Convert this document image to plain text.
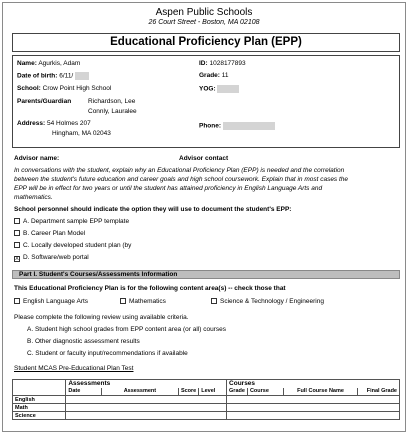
Aspen Public Schools
26 Court Street - Boston, MA 02108
Educational Proficiency Plan (EPP)
Name: Agurkis, Adam	ID: 1028177893
Date of birth: 6/11/	Grade: 11
School: Crow Point High School	YOG:
Parents/Guardian	Richardson, Lee
Connly, Lauralee
Address: 54 Holmes 207
Hingham, MA 02043
Phone:
Advisor name:	Advisor contact
In conversations with the student, explain why an Educational Proficiency Plan (EPP) is needed and the correlation
between the student's future education and career goals and high school coursework. Explain that in most cases the
EPP will be in effect for two years or until the student has attained proficiency in English Language Arts and
mathematics.
School personnel should indicate the option they will use to document the student's EPP:
A. Department sample EPP template
B. Career Plan Model
C. Locally developed student plan (by
X D. Software/web portal
Part I. Student's Courses/Assessments Information
This Educational Proficiency Plan is for the following content area(s) -- check those that
English Language Arts	Mathematics	Science & Technology / Engineering
Please complete the following review using available criteria.
A. Student high school grades from EPP content area (or all) courses
B. Other diagnostic assessment results
C. Student or faculty input/recommendations if available
Student MCAS Pre-Educational Plan Test
	Assessments				Courses			
	Date	Assessment	Score	Level	Grade	Course	Full Course Name	Final Grade
English								
Math								
Science								
